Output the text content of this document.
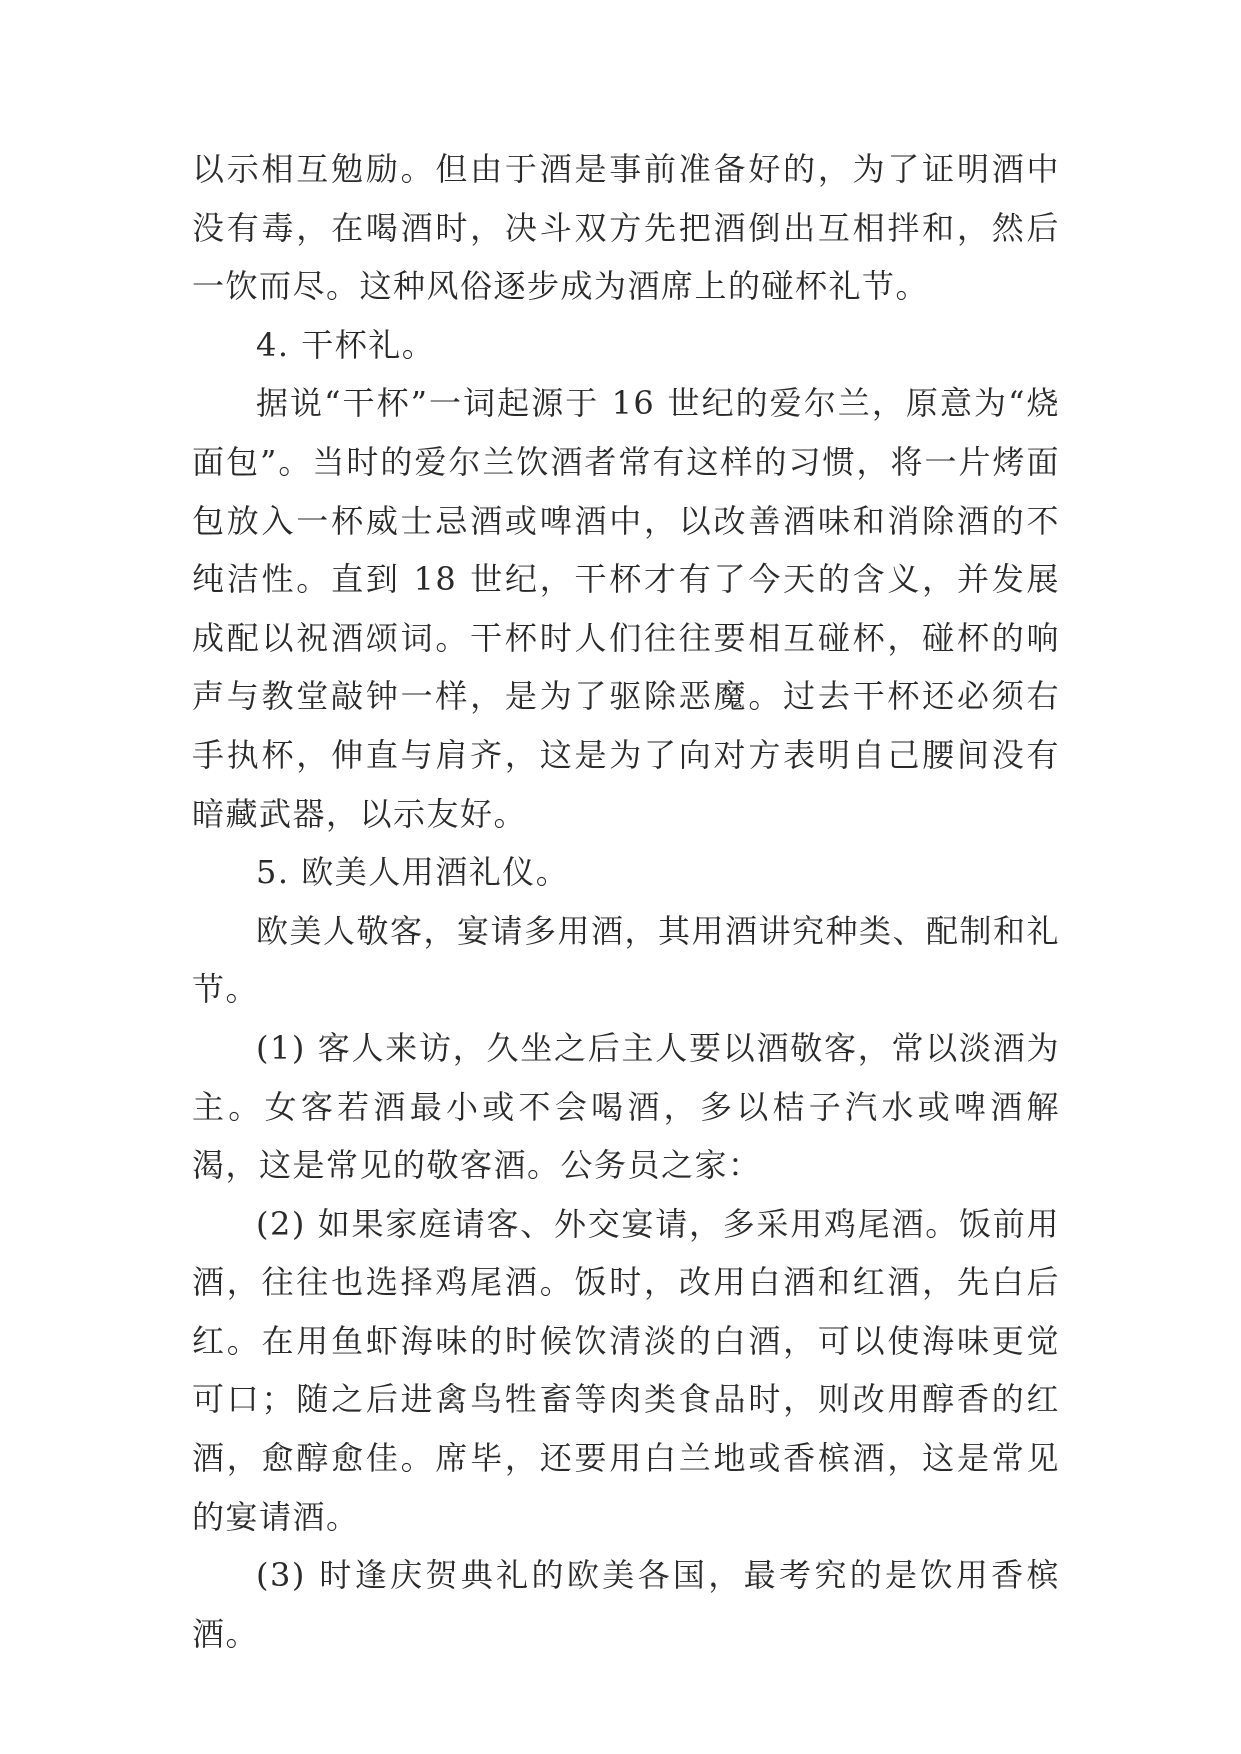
以示相互勉励。但由于酒是事前准备好的，为了证明酒中没有毒，在喝酒时，决斗双方先把酒倒出互相拌和，然后一饮而尽。这种风俗逐步成为酒席上的碰杯礼节。

4. 干杯礼。

据说“干杯”一词起源于 16 世纪的爱尔兰，原意为“烧面包”。当时的爱尔兰饮酒者常有这样的习惯，将一片烤面包放入一杯威士忌酒或啤酒中，以改善酒味和消除酒的不纯洁性。直到 18 世纪，干杯才有了今天的含义，并发展成配以祝酒颂词。干杯时人们往往要相互碰杯，碰杯的响声与教堂敲钟一样，是为了驱除恶魔。过去干杯还必须右手执杯，伸直与肩齐，这是为了向对方表明自己腰间没有暗藏武器，以示友好。

5. 欧美人用酒礼仪。

欧美人敬客，宴请多用酒，其用酒讲究种类、配制和礼节。

(1) 客人来访，久坐之后主人要以酒敬客，常以淡酒为主。女客若酒最小或不会喝酒，多以桔子汽水或啤酒解渴，这是常见的敬客酒。公务员之家：

(2) 如果家庭请客、外交宴请，多采用鸡尾酒。饭前用酒，往往也选择鸡尾酒。饭时，改用白酒和红酒，先白后红。在用鱼虾海味的时候饮清淡的白酒，可以使海味更觉可口；随之后进禽鸟牲畜等肉类食品时，则改用醇香的红酒，愈醇愈佳。席毕，还要用白兰地或香槟酒，这是常见的宴请酒。

(3) 时逢庆贺典礼的欧美各国，最考究的是饮用香槟酒。
